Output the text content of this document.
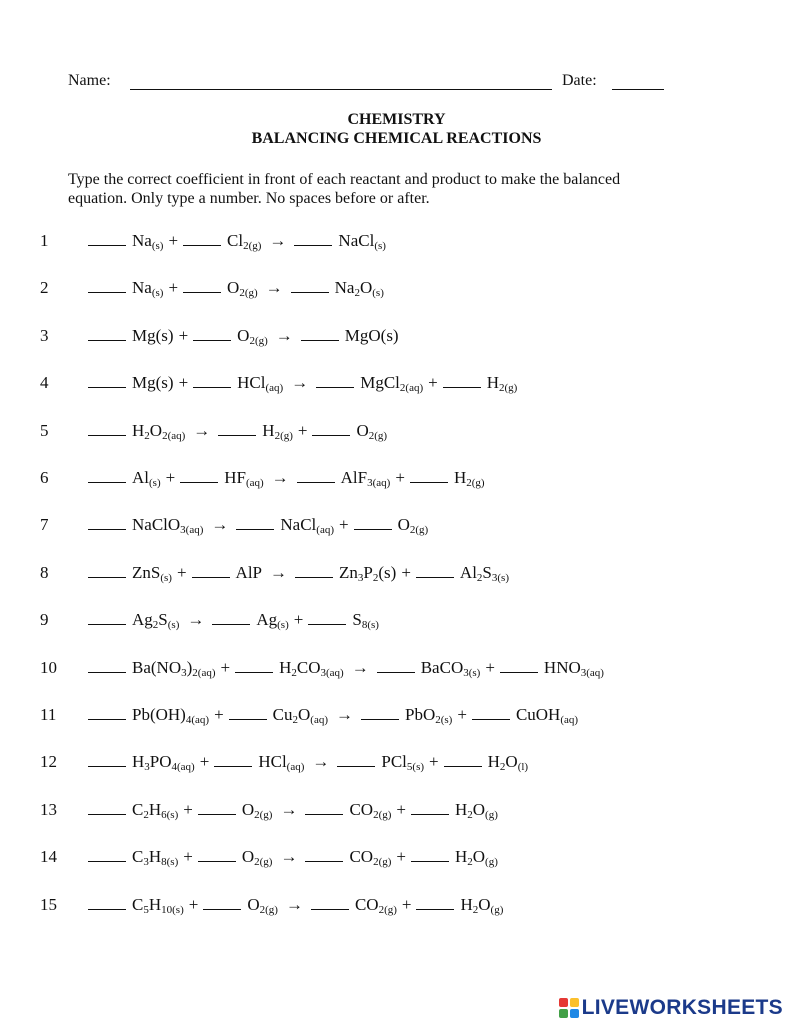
Name:	Date:
CHEMISTRY
BALANCING CHEMICAL REACTIONS
Type the correct coefficient in front of each reactant and product to make the balanced
equation. Only type a number. No spaces before or after.
1	$Na_{(s)}$ +	$Cl_{2(g)}$ →	NaCl$_{(s)}$
2	$Na_{(s)}$ +	$O_{2(g)}$ →	$Na_2O_{(s)}$
3	Mg(s) +	$O_{2(g)}$ →	MgO(s)
4	Mg(s) +	HCl$_{(aq)}$ →	MgCl$_{2(aq)}$ +	$H_{2(g)}$
5	$H_2O_{2(aq)}$ →	$H_{2(g)}$ +	$O_{2(g)}$
6	$Al_{(s)}$ +	$HF_{(aq)}$ →	AlF$_{3(aq)}$ +	$H_{2(g)}$
7	NaClO$_{3(aq)}$ →	NaCl$_{(aq)}$ +	$O_{2(g)}$
8	ZnS$_{(s)}$ +	AlP →	$Zn_3P_2(s)$ +	$Al_2S_{3(s)}$
9	$Ag_2S_{(s)}$ →	$Ag_{(s)}$ +	$S_{8(s)}$
10	$Ba(NO_3)_{2(aq)}$ +	$H_2CO_{3(aq)}$ →	BaCO$_{3(s)}$ +	$HNO_{3(aq)}$
11	$Pb(OH)_{4(aq)}$ +	$Cu_2O_{(aq)}$ →	PbO$_{2(s)}$ +	CuOH$_{(aq)}$
12	$H_3PO_{4(aq)}$ +	HCl$_{(aq)}$ →	PCl$_{5(s)}$ +	$H_2O_{(l)}$
13	$C_2H_{6(s)}$ +	$O_{2(g)}$ →	$CO_{2(g)}$ +	$H_2O_{(g)}$
14	$C_3H_{8(s)}$ +	$O_{2(g)}$ →	$CO_{2(g)}$ +	$H_2O_{(g)}$
15	$C_5H_{10(s)}$ +	$O_{2(g)}$ →	$CO_{2(g)}$ +	$H_2O_{(g)}$
LIVEWORKSHEETS
